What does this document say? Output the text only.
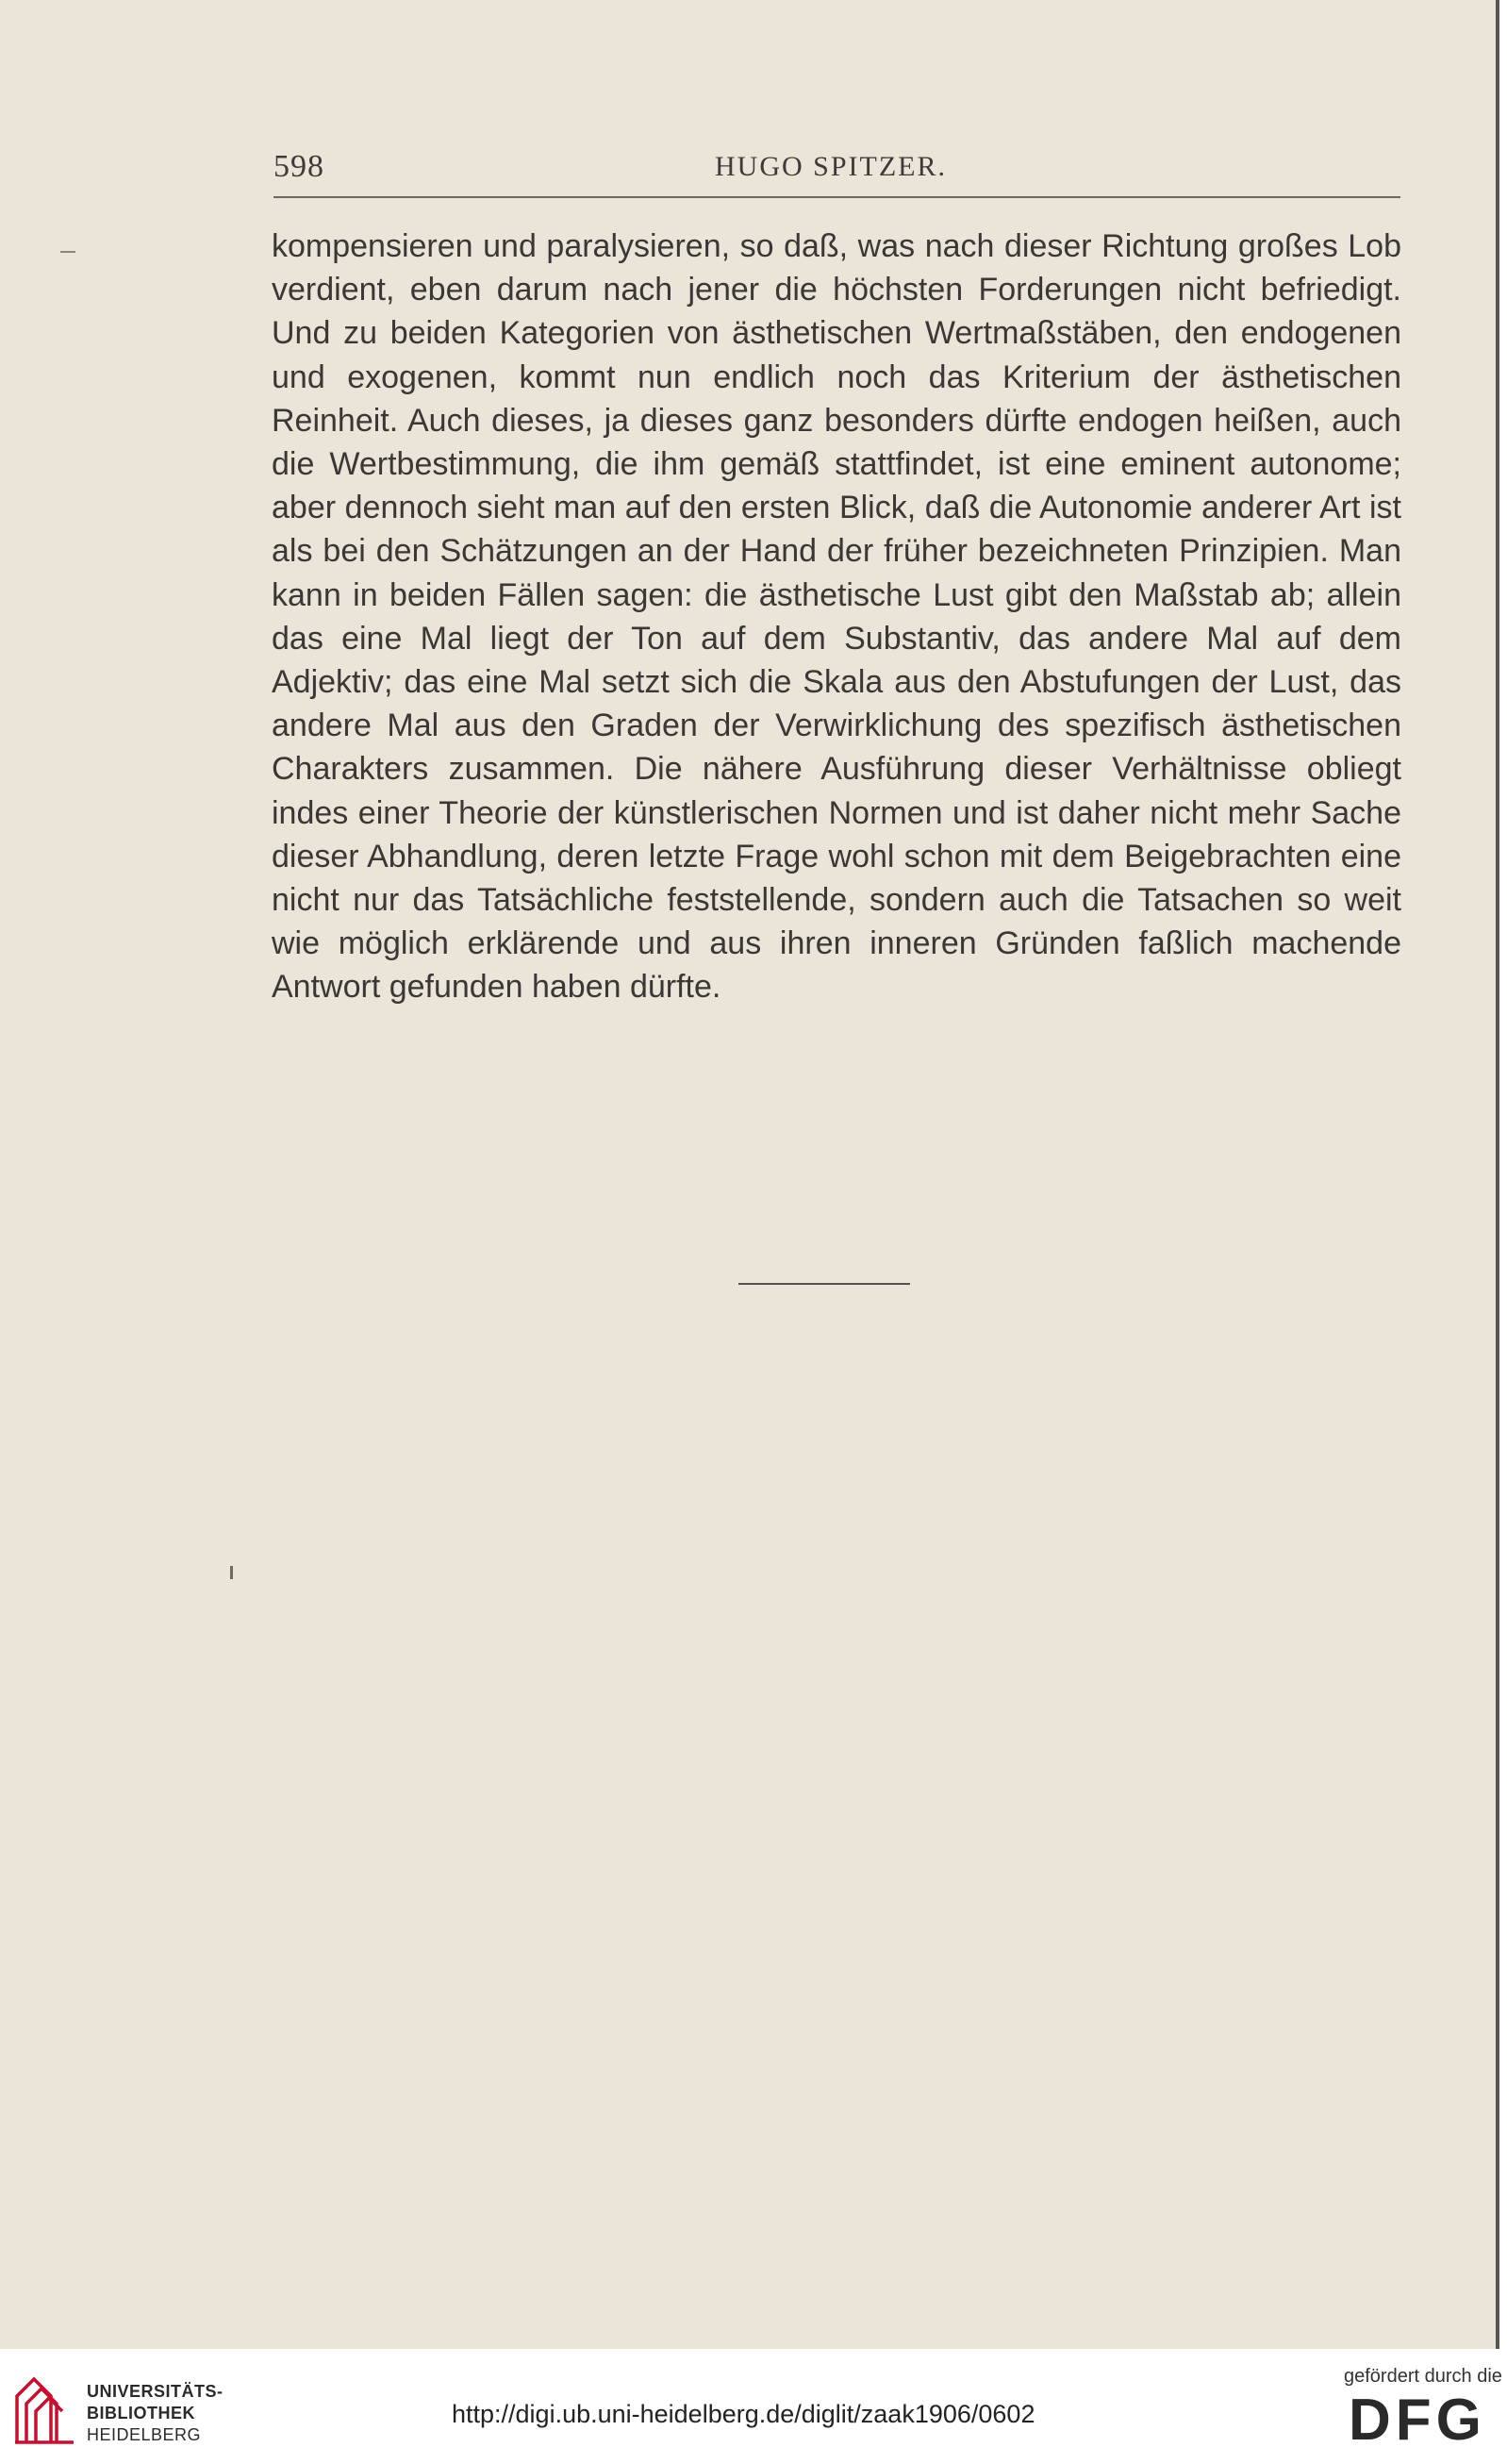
598	HUGO SPITZER.

kompensieren und paralysieren, so daß, was nach dieser Richtung großes Lob verdient, eben darum nach jener die höchsten Forderungen nicht befriedigt. Und zu beiden Kategorien von ästhetischen Wertmaßstäben, den endogenen und exogenen, kommt nun endlich noch das Kriterium der ästhetischen Reinheit. Auch dieses, ja dieses ganz besonders dürfte endogen heißen, auch die Wertbestimmung, die ihm gemäß stattfindet, ist eine eminent autonome; aber dennoch sieht man auf den ersten Blick, daß die Autonomie anderer Art ist als bei den Schätzungen an der Hand der früher bezeichneten Prinzipien. Man kann in beiden Fällen sagen: die ästhetische Lust gibt den Maßstab ab; allein das eine Mal liegt der Ton auf dem Substantiv, das andere Mal auf dem Adjektiv; das eine Mal setzt sich die Skala aus den Abstufungen der Lust, das andere Mal aus den Graden der Verwirklichung des spezifisch ästhetischen Charakters zusammen. Die nähere Ausführung dieser Verhältnisse obliegt indes einer Theorie der künstlerischen Normen und ist daher nicht mehr Sache dieser Abhandlung, deren letzte Frage wohl schon mit dem Beigebrachten eine nicht nur das Tatsächliche feststellende, sondern auch die Tatsachen so weit wie möglich erklärende und aus ihren inneren Gründen faßlich machende Antwort gefunden haben dürfte.

UNIVERSITÄTS-
BIBLIOTHEK
HEIDELBERG
http://digi.ub.uni-heidelberg.de/diglit/zaak1906/0602
gefördert durch die
DFG
